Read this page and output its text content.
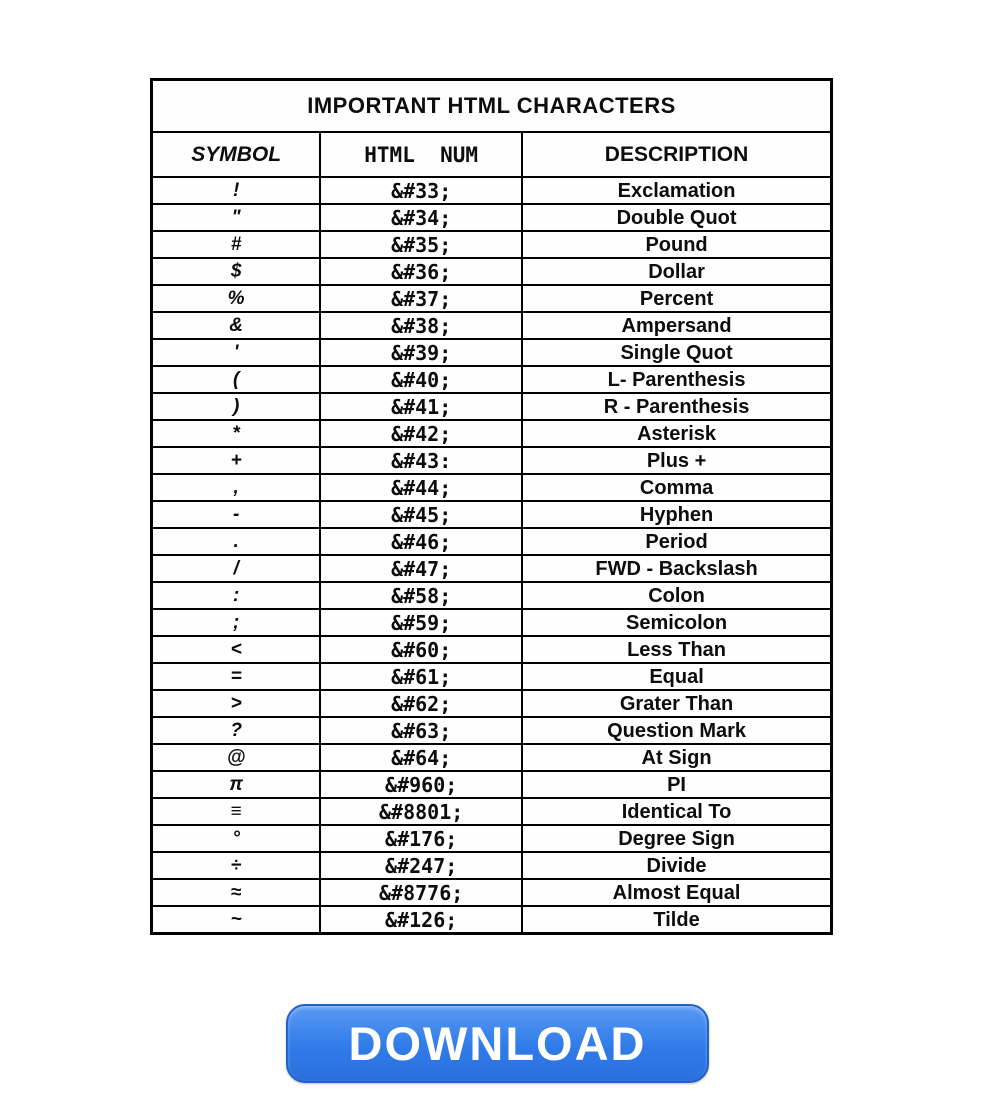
IMPORTANT HTML CHARACTERS		
SYMBOL	HTML  NUM	DESCRIPTION
!	&#33;	Exclamation
"	&#34;	Double Quot
#	&#35;	Pound
$	&#36;	Dollar
%	&#37;	Percent
&	&#38;	Ampersand
'	&#39;	Single Quot
(	&#40;	L- Parenthesis
)	&#41;	R - Parenthesis
*	&#42;	Asterisk
+	&#43:	Plus +
,	&#44;	Comma
-	&#45;	Hyphen
.	&#46;	Period
/	&#47;	FWD - Backslash
:	&#58;	Colon
;	&#59;	Semicolon
<	&#60;	Less Than
=	&#61;	Equal
>	&#62;	Grater Than
?	&#63;	Question Mark
@	&#64;	At Sign
π	&#960;	PI
≡	&#8801;	Identical To
°	&#176;	Degree Sign
÷	&#247;	Divide
≈	&#8776;	Almost Equal
~	&#126;	Tilde
DOWNLOAD
